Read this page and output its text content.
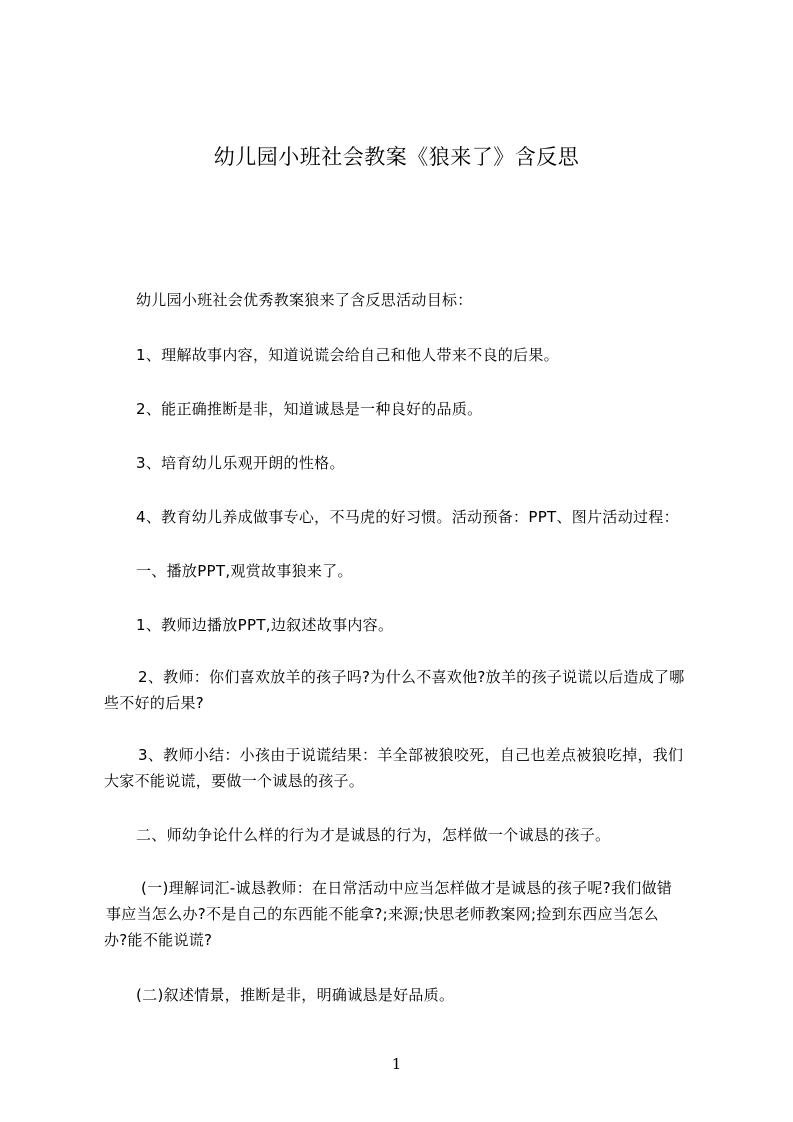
幼儿园小班社会教案《狼来了》含反思
幼儿园小班社会优秀教案狼来了含反思活动目标：
1、理解故事内容，知道说谎会给自己和他人带来不良的后果。
2、能正确推断是非，知道诚恳是一种良好的品质。
3、培育幼儿乐观开朗的性格。
4、教育幼儿养成做事专心，不马虎的好习惯。活动预备：PPT、图片活动过程：
一、播放PPT,观赏故事狼来了。
1、教师边播放PPT,边叙述故事内容。
2、教师：你们喜欢放羊的孩子吗?为什么不喜欢他?放羊的孩子说谎以后造成了哪
些不好的后果?
3、教师小结：小孩由于说谎结果：羊全部被狼咬死，自己也差点被狼吃掉，我们
大家不能说谎，要做一个诚恳的孩子。
二、师幼争论什么样的行为才是诚恳的行为，怎样做一个诚恳的孩子。
(一)理解词汇-诚恳教师：在日常活动中应当怎样做才是诚恳的孩子呢?我们做错
事应当怎么办?不是自己的东西能不能拿?;来源;快思老师教案网;捡到东西应当怎么
办?能不能说谎?
(二)叙述情景，推断是非，明确诚恳是好品质。
1
